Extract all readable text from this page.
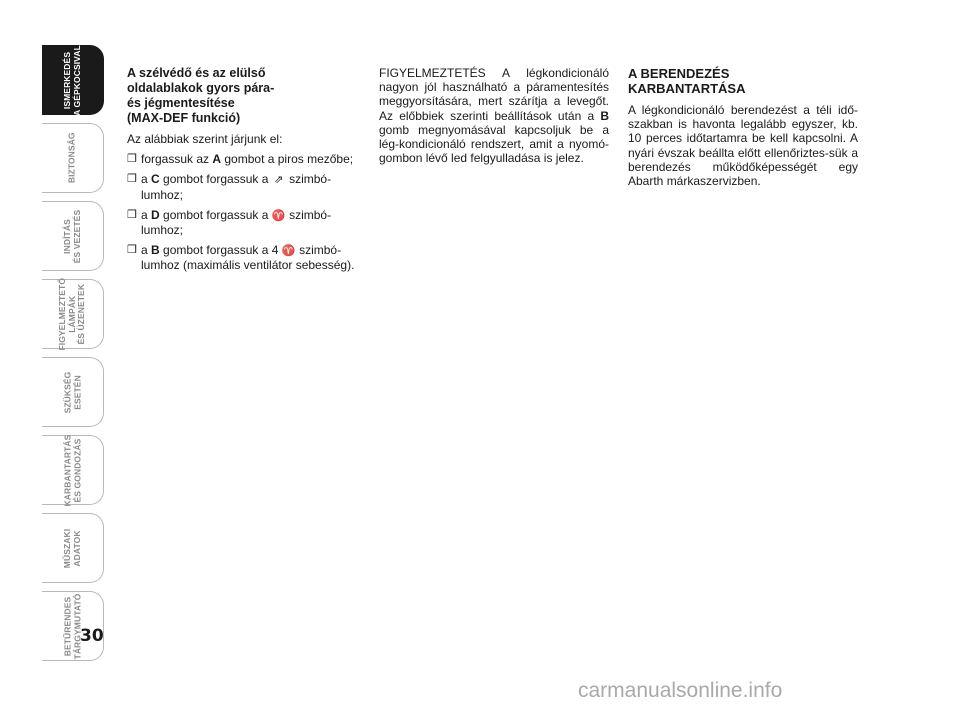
ISMERKEDÉS
A GÉPKOCSIVAL
BIZTONSÁG
INDÍTÁS
ÉS VEZETÉS
FIGYELMEZTETŐ
LÁMPÁK
ÉS ÜZENETEK
SZÜKSÉG
ESETÉN
KARBANTARTÁS
ÉS GONDOZÁS
MŰSZAKI
ADATOK
BETŰRENDES
TÁRGYMUTATÓ
30
A szélvédő és az elülső
oldalablakok gyors pára-
és jégmentesítése
(MAX-DEF funkció)
Az alábbiak szerint járjunk el:
❒ forgassuk az A gombot a piros mezőbe;
❒ a C gombot forgassuk a ⇗ szimbó-
lumhoz;
❒ a D gombot forgassuk a ♈ szimbó-
lumhoz;
❒ a B gombot forgassuk a 4 ♈ szimbó-
lumhoz (maximális ventilátor sebesség).
FIGYELMEZTETÉS A légkondicionáló nagyon jól használható a páramentesítés meggyorsítására, mert szárítja a levegőt. Az előbbiek szerinti beállítások után a B gomb megnyomásával kapcsoljuk be a lég-kondicionáló rendszert, amit a nyomó-gombon lévő led felgyulladása is jelez.
A BERENDEZÉS
KARBANTARTÁSA
A légkondicionáló berendezést a téli idő-szakban is havonta legalább egyszer, kb. 10 perces időtartamra be kell kapcsolni. A nyári évszak beállta előtt ellenőriztes-sük a berendezés működőképességét egy Abarth márkaszervizben.
carmanualsonline.info
